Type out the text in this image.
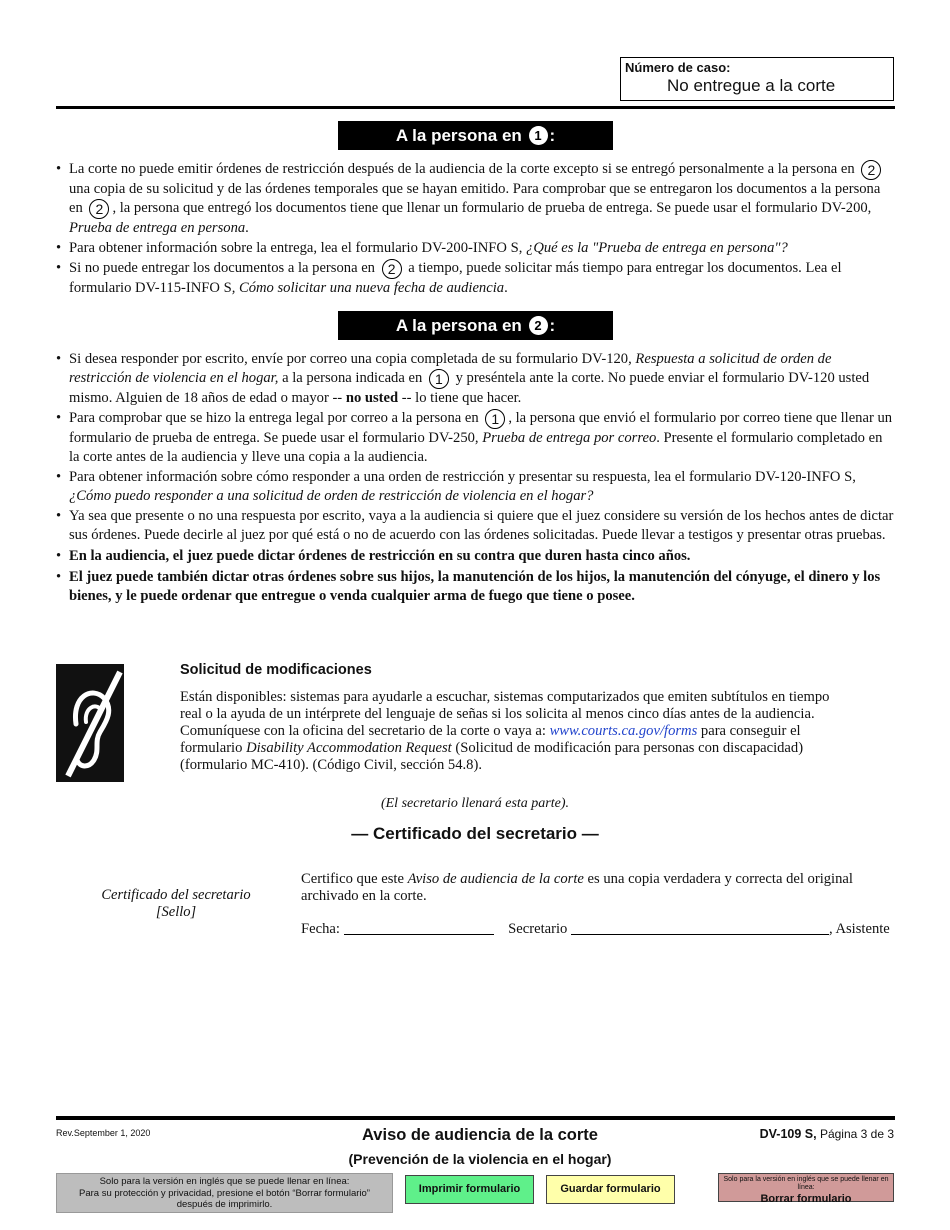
Número de caso:
No entregue a la corte
A la persona en 1 :
• La corte no puede emitir órdenes de restricción después de la audiencia de la corte excepto si se entregó personalmente a la persona en 2 una copia de su solicitud y de las órdenes temporales que se hayan emitido. Para comprobar que se entregaron los documentos a la persona en 2 , la persona que entregó los documentos tiene que llenar un formulario de prueba de entrega. Se puede usar el formulario DV-200, Prueba de entrega en persona.
• Para obtener información sobre la entrega, lea el formulario DV-200-INFO S, ¿Qué es la "Prueba de entrega en persona"?
• Si no puede entregar los documentos a la persona en 2 a tiempo, puede solicitar más tiempo para entregar los documentos. Lea el formulario DV-115-INFO S, Cómo solicitar una nueva fecha de audiencia.
A la persona en 2 :
• Si desea responder por escrito, envíe por correo una copia completada de su formulario DV-120, Respuesta a solicitud de orden de restricción de violencia en el hogar, a la persona indicada en 1 y preséntela ante la corte. No puede enviar el formulario DV-120 usted mismo. Alguien de 18 años de edad o mayor -- no usted -- lo tiene que hacer.
• Para comprobar que se hizo la entrega legal por correo a la persona en 1 , la persona que envió el formulario por correo tiene que llenar un formulario de prueba de entrega. Se puede usar el formulario DV-250, Prueba de entrega por correo. Presente el formulario completado en la corte antes de la audiencia y lleve una copia a la audiencia.
• Para obtener información sobre cómo responder a una orden de restricción y presentar su respuesta, lea el formulario DV-120-INFO S, ¿Cómo puedo responder a una solicitud de orden de restricción de violencia en el hogar?
• Ya sea que presente o no una respuesta por escrito, vaya a la audiencia si quiere que el juez considere su versión de los hechos antes de dictar sus órdenes. Puede decirle al juez por qué está o no de acuerdo con las órdenes solicitadas. Puede llevar a testigos y presentar otras pruebas.
• En la audiencia, el juez puede dictar órdenes de restricción en su contra que duren hasta cinco años.
• El juez puede también dictar otras órdenes sobre sus hijos, la manutención de los hijos, la manutención del cónyuge, el dinero y los bienes, y le puede ordenar que entregue o venda cualquier arma de fuego que tiene o posee.
Solicitud de modificaciones
Están disponibles: sistemas para ayudarle a escuchar, sistemas computarizados que emiten subtítulos en tiempo real o la ayuda de un intérprete del lenguaje de señas si los solicita al menos cinco días antes de la audiencia. Comuníquese con la oficina del secretario de la corte o vaya a: www.courts.ca.gov/forms para conseguir el formulario Disability Accommodation Request (Solicitud de modificación para personas con discapacidad) (formulario MC-410). (Código Civil, sección 54.8).
(El secretario llenará esta parte).
— Certificado del secretario —
Certificado del secretario
[Sello]
Certifico que este Aviso de audiencia de la corte es una copia verdadera y correcta del original archivado en la corte.
Fecha:	Secretario	, Asistente
Rev.September 1, 2020	Aviso de audiencia de la corte
(Prevención de la violencia en el hogar)
DV-109 S, Página 3 de 3
Solo para la versión en inglés que se puede llenar en línea:
Para su protección y privacidad, presione el botón “Borrar formulario”
después de imprimirlo.
Imprimir formulario	Guardar formulario
Solo para la versión en inglés que se puede llenar en línea:
Borrar formulario
